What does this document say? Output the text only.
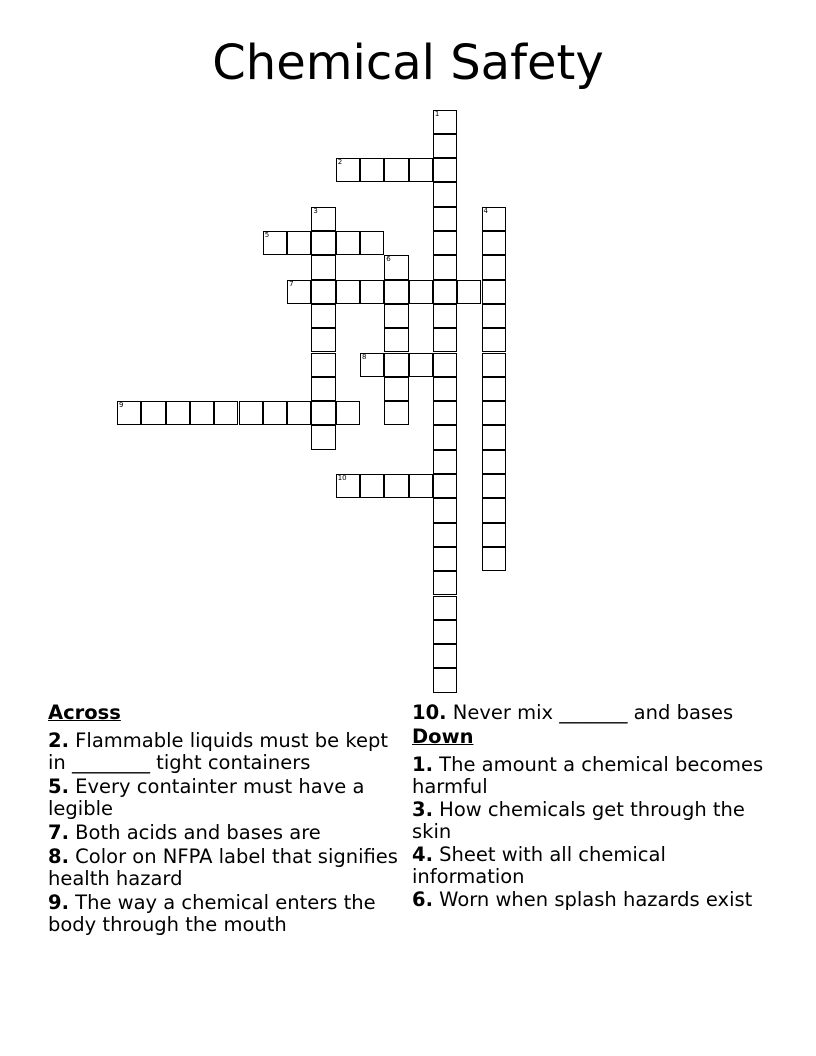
Chemical Safety
1
2
3	4
5
6
7
8
9
10
Across
2. Flammable liquids must be kept in ________ tight containers
5. Every containter must have a legible
7. Both acids and bases are
8. Color on NFPA label that signifies health hazard
9. The way a chemical enters the body through the mouth
10. Never mix _______ and bases
Down
1. The amount a chemical becomes harmful
3. How chemicals get through the skin
4. Sheet with all chemical information
6. Worn when splash hazards exist
